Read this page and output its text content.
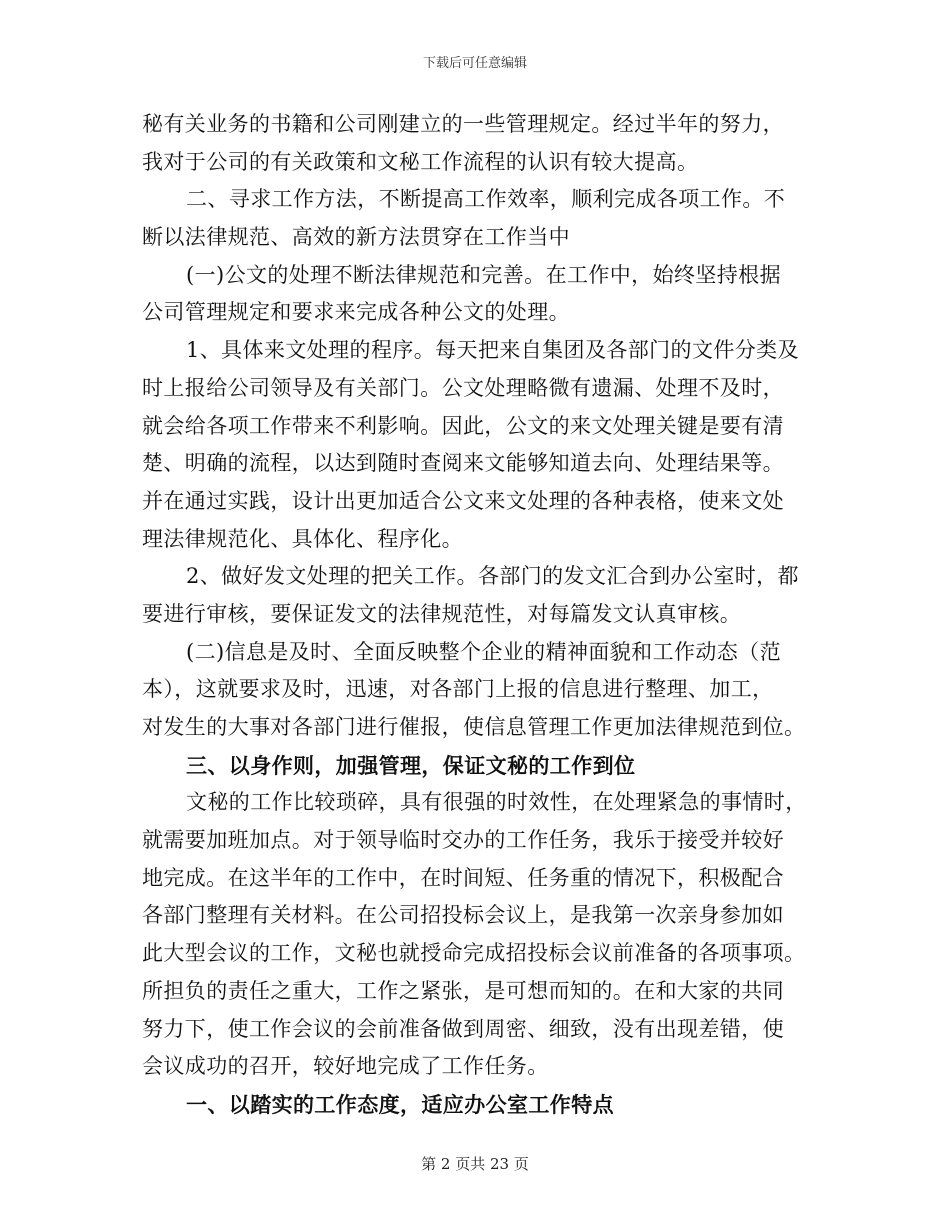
下载后可任意编辑
秘有关业务的书籍和公司刚建立的一些管理规定。经过半年的努力，
我对于公司的有关政策和文秘工作流程的认识有较大提高。
二、寻求工作方法，不断提高工作效率，顺利完成各项工作。不
断以法律规范、高效的新方法贯穿在工作当中
(一)公文的处理不断法律规范和完善。在工作中，始终坚持根据
公司管理规定和要求来完成各种公文的处理。
1、具体来文处理的程序。每天把来自集团及各部门的文件分类及
时上报给公司领导及有关部门。公文处理略微有遗漏、处理不及时，
就会给各项工作带来不利影响。因此，公文的来文处理关键是要有清
楚、明确的流程，以达到随时查阅来文能够知道去向、处理结果等。
并在通过实践，设计出更加适合公文来文处理的各种表格，使来文处
理法律规范化、具体化、程序化。
2、做好发文处理的把关工作。各部门的发文汇合到办公室时，都
要进行审核，要保证发文的法律规范性，对每篇发文认真审核。
(二)信息是及时、全面反映整个企业的精神面貌和工作动态（范
本），这就要求及时，迅速，对各部门上报的信息进行整理、加工，
对发生的大事对各部门进行催报，使信息管理工作更加法律规范到位。
三、以身作则，加强管理，保证文秘的工作到位
文秘的工作比较琐碎，具有很强的时效性，在处理紧急的事情时，
就需要加班加点。对于领导临时交办的工作任务，我乐于接受并较好
地完成。在这半年的工作中，在时间短、任务重的情况下，积极配合
各部门整理有关材料。在公司招投标会议上，是我第一次亲身参加如
此大型会议的工作，文秘也就授命完成招投标会议前准备的各项事项。
所担负的责任之重大，工作之紧张，是可想而知的。在和大家的共同
努力下，使工作会议的会前准备做到周密、细致，没有出现差错，使
会议成功的召开，较好地完成了工作任务。
一、以踏实的工作态度，适应办公室工作特点
第 2 页共 23 页
